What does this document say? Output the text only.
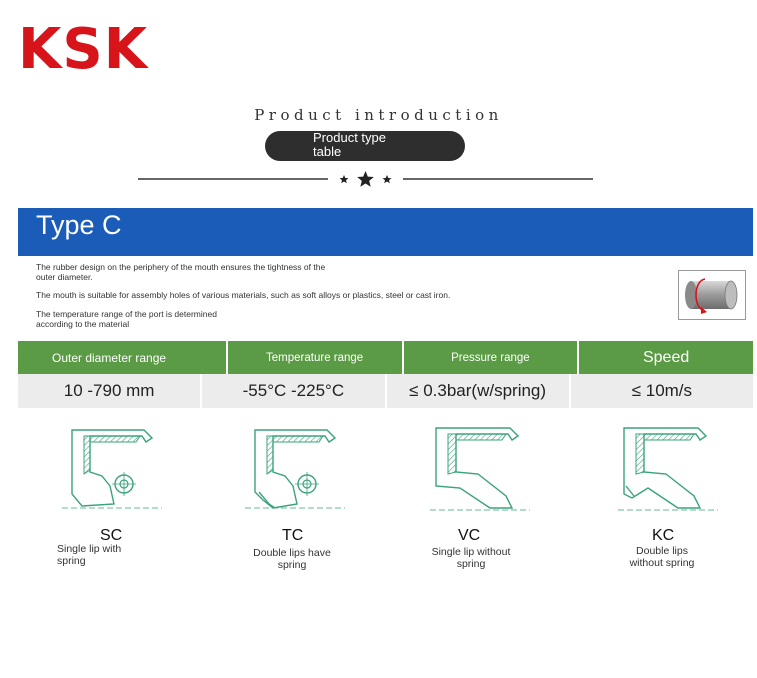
KSK
Product introduction
Product type table
Type C
The rubber design on the periphery of the mouth ensures the tightness of the outer diameter.
The mouth is suitable for assembly holes of various materials, such as soft alloys or plastics, steel or cast iron.
The temperature range of the port is determined according to the material
Outer diameter range	Temperature range	Pressure range	Speed
10 -790 mm	-55°C -225°C	≤ 0.3bar(w/spring)	≤ 10m/s
SC	TC	VC	KC
Single lip with spring
Double lips have spring
Single lip without spring
Double lips without spring
